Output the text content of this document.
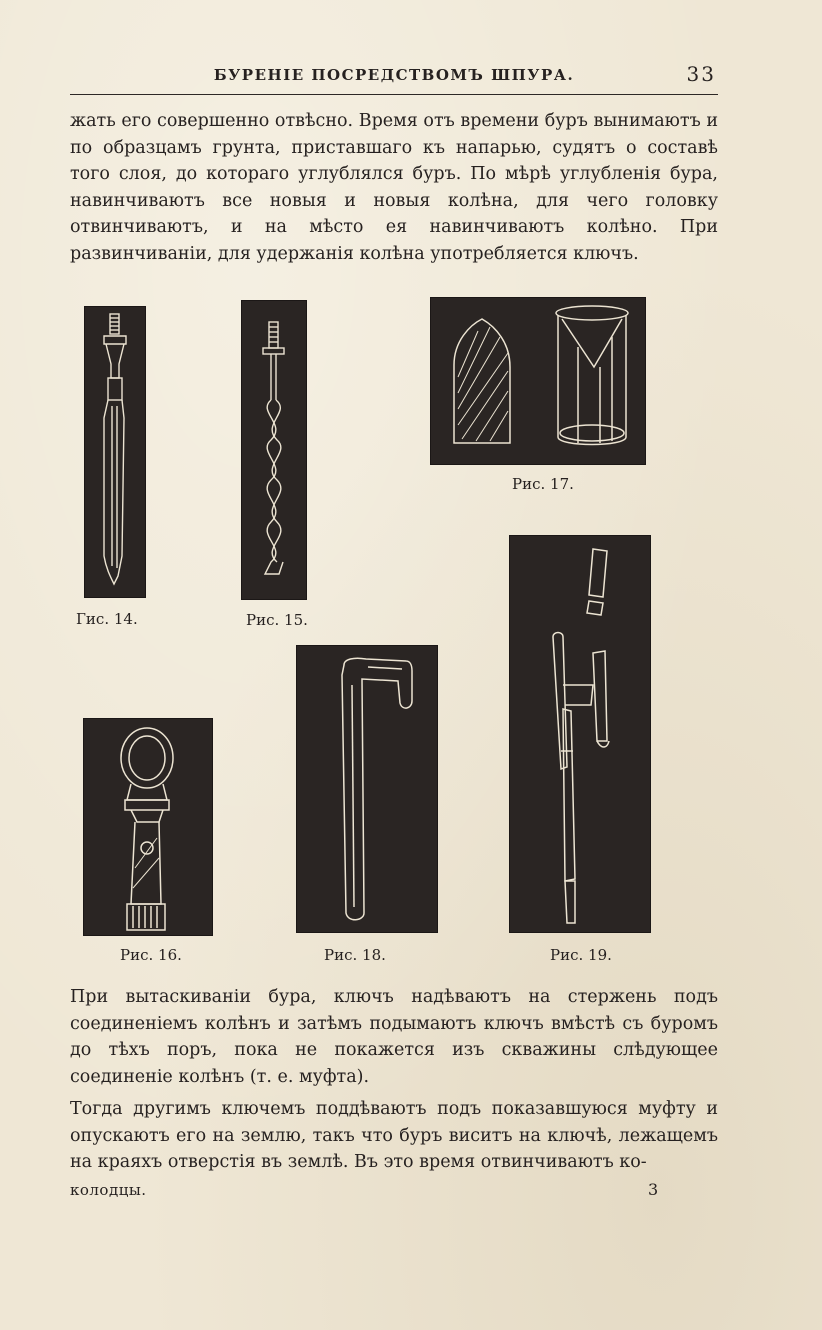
БУРЕНІЕ ПОСРЕДСТВОМЪ ШПУРА.	33

жать его совершенно отвѣсно. Время отъ времени буръ вынимаютъ и по образцамъ грунта, приставшаго къ напарью, судятъ о составѣ того слоя, до котораго углублялся буръ. По мѣрѣ углубленія бура, навинчиваютъ все новыя и новыя колѣна, для чего головку отвинчиваютъ, и на мѣсто ея навинчиваютъ колѣно. При развинчиваніи, для удержанія колѣна употребляется ключъ.

Рис. 17.
Гис. 14.	Рис. 15.
Рис. 16.	Рис. 18.	Рис. 19.

При вытаскиваніи бура, ключъ надѣваютъ на стержень подъ соединеніемъ колѣнъ и затѣмъ подымаютъ ключъ вмѣстѣ съ буромъ до тѣхъ поръ, пока не покажется изъ скважины слѣдующее соединеніе колѣнъ (т. е. муфта).

Тогда другимъ ключемъ поддѣваютъ подъ показавшуюся муфту и опускаютъ его на землю, такъ что буръ виситъ на ключѣ, лежащемъ на краяхъ отверстія въ землѣ. Въ это время отвинчиваютъ ко-

колодцы.	3
